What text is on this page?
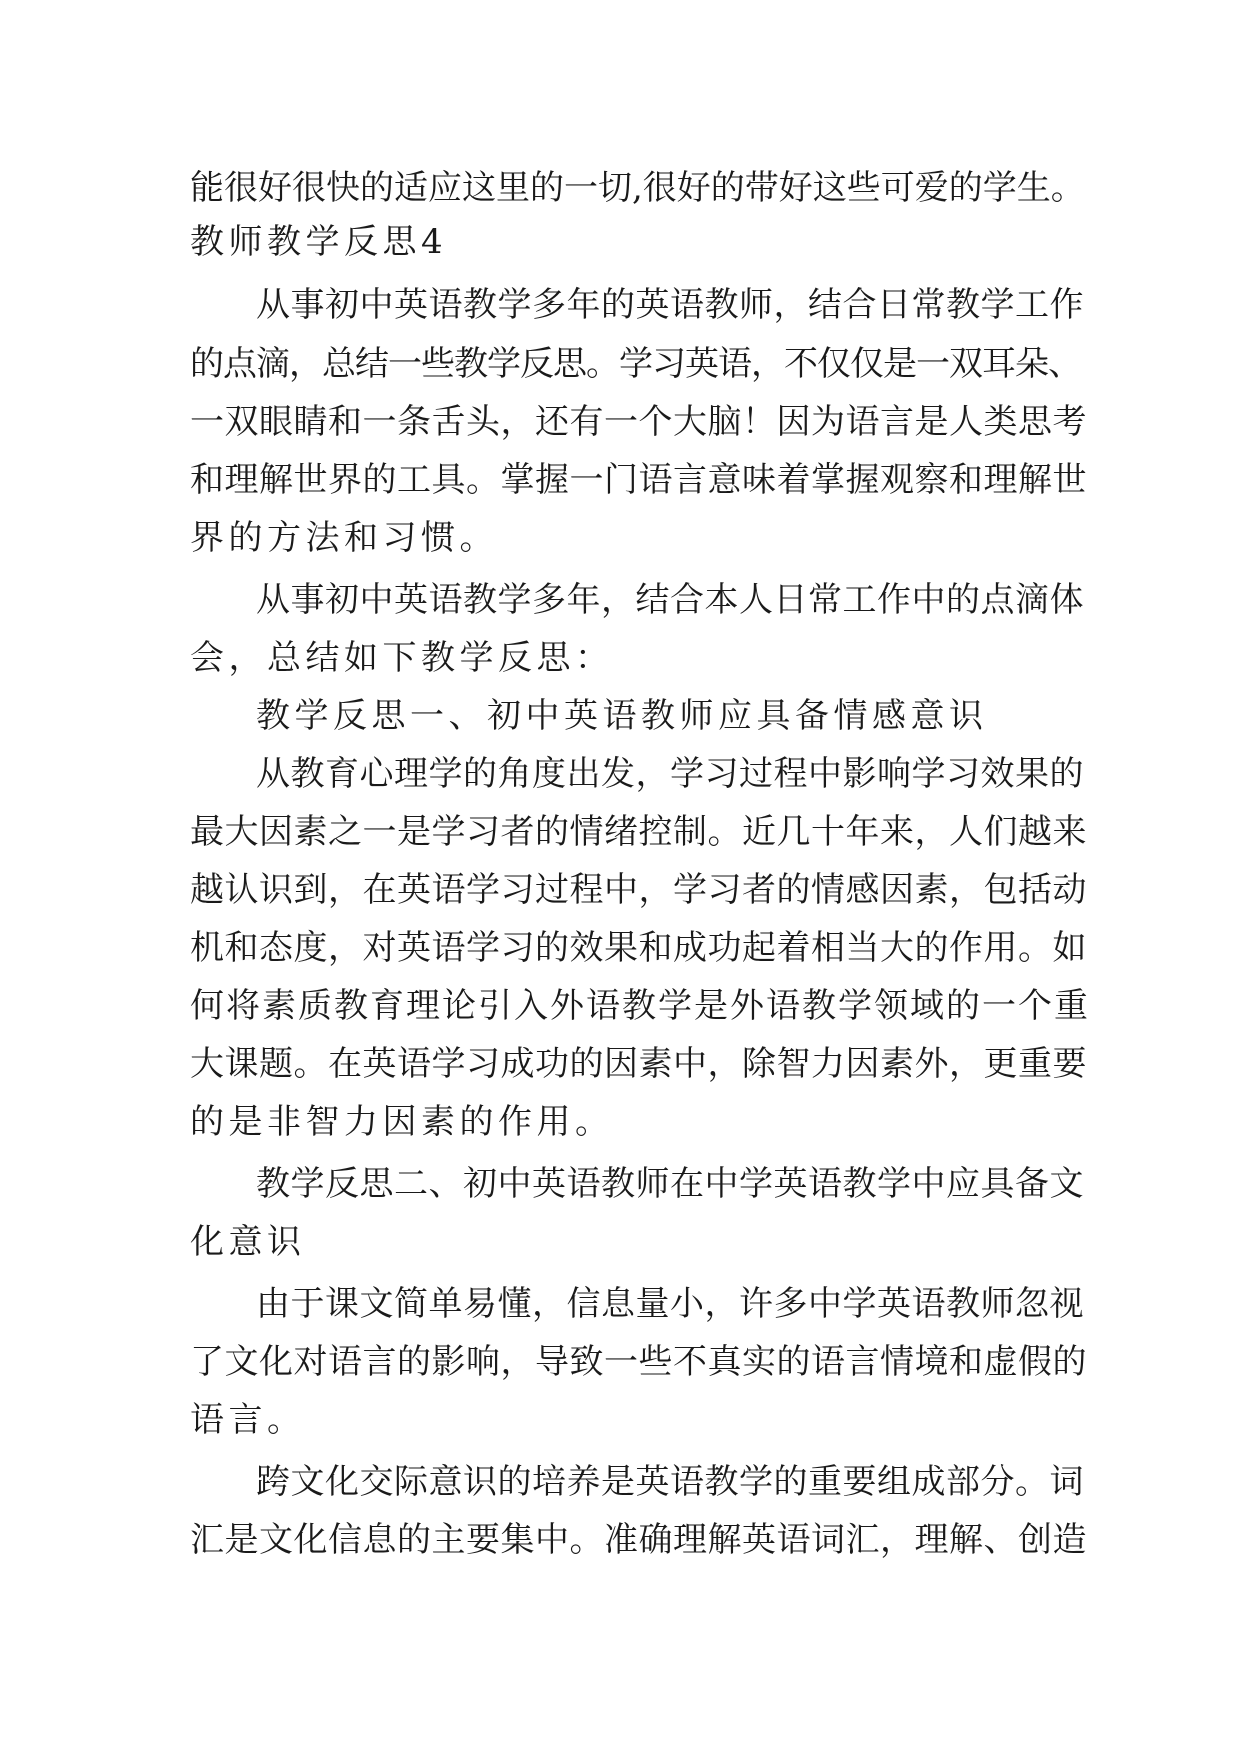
能很好很快的适应这里的一切,很好的带好这些可爱的学生。
教师教学反思4
从事初中英语教学多年的英语教师，结合日常教学工作
的点滴，总结一些教学反思。学习英语，不仅仅是一双耳朵、
一双眼睛和一条舌头，还有一个大脑！因为语言是人类思考
和理解世界的工具。掌握一门语言意味着掌握观察和理解世
界的方法和习惯。
从事初中英语教学多年，结合本人日常工作中的点滴体
会，总结如下教学反思：
教学反思一、初中英语教师应具备情感意识
从教育心理学的角度出发，学习过程中影响学习效果的
最大因素之一是学习者的情绪控制。近几十年来，人们越来
越认识到，在英语学习过程中，学习者的情感因素，包括动
机和态度，对英语学习的效果和成功起着相当大的作用。如
何将素质教育理论引入外语教学是外语教学领域的一个重
大课题。在英语学习成功的因素中，除智力因素外，更重要
的是非智力因素的作用。
教学反思二、初中英语教师在中学英语教学中应具备文
化意识
由于课文简单易懂，信息量小，许多中学英语教师忽视
了文化对语言的影响，导致一些不真实的语言情境和虚假的
语言。
跨文化交际意识的培养是英语教学的重要组成部分。词
汇是文化信息的主要集中。准确理解英语词汇，理解、创造
